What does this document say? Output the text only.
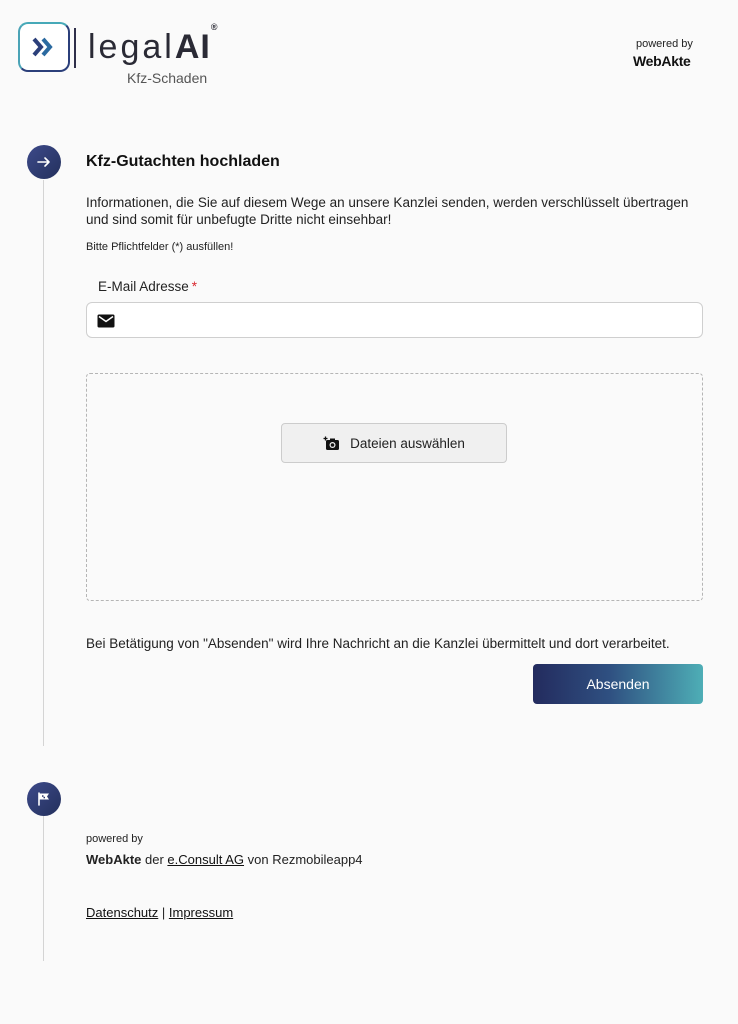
legalAI®
Kfz-Schaden
powered by
WebAkte
Kfz-Gutachten hochladen
Informationen, die Sie auf diesem Wege an unsere Kanzlei senden, werden verschlüsselt übertragen und sind somit für unbefugte Dritte nicht einsehbar!
Bitte Pflichtfelder (*) ausfüllen!
E-Mail Adresse *
Dateien auswählen
Bei Betätigung von "Absenden" wird Ihre Nachricht an die Kanzlei übermittelt und dort verarbeitet.
Absenden
powered by
WebAkte der e.Consult AG von Rezmobileapp4
Datenschutz | Impressum
